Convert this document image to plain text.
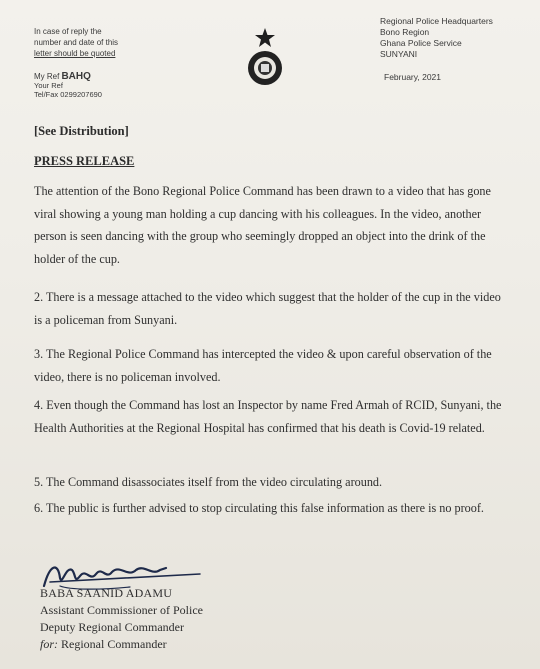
In case of reply the
number and date of this
letter should be quoted
Regional Police Headquarters
Bono Region
Ghana Police Service
SUNYANI
My Ref BAHQ
Your Ref
Tel/Fax 0299207690
February, 2021
[See Distribution]
PRESS RELEASE
The attention of the Bono Regional Police Command has been drawn to a video that has gone viral showing a young man holding a cup dancing with his colleagues. In the video, another person is seen dancing with the group who seemingly dropped an object into the drink of the holder of the cup.
2. There is a message attached to the video which suggest that the holder of the cup in the video is a policeman from Sunyani.
3. The Regional Police Command has intercepted the video & upon careful observation of the video, there is no policeman involved.
4. Even though the Command has lost an Inspector by name Fred Armah of RCID, Sunyani, the Health Authorities at the Regional Hospital has confirmed that his death is Covid-19 related.
5. The Command disassociates itself from the video circulating around.
6. The public is further advised to stop circulating this false information as there is no proof.
BABA SAANID ADAMU
Assistant Commissioner of Police
Deputy Regional Commander
for: Regional Commander
